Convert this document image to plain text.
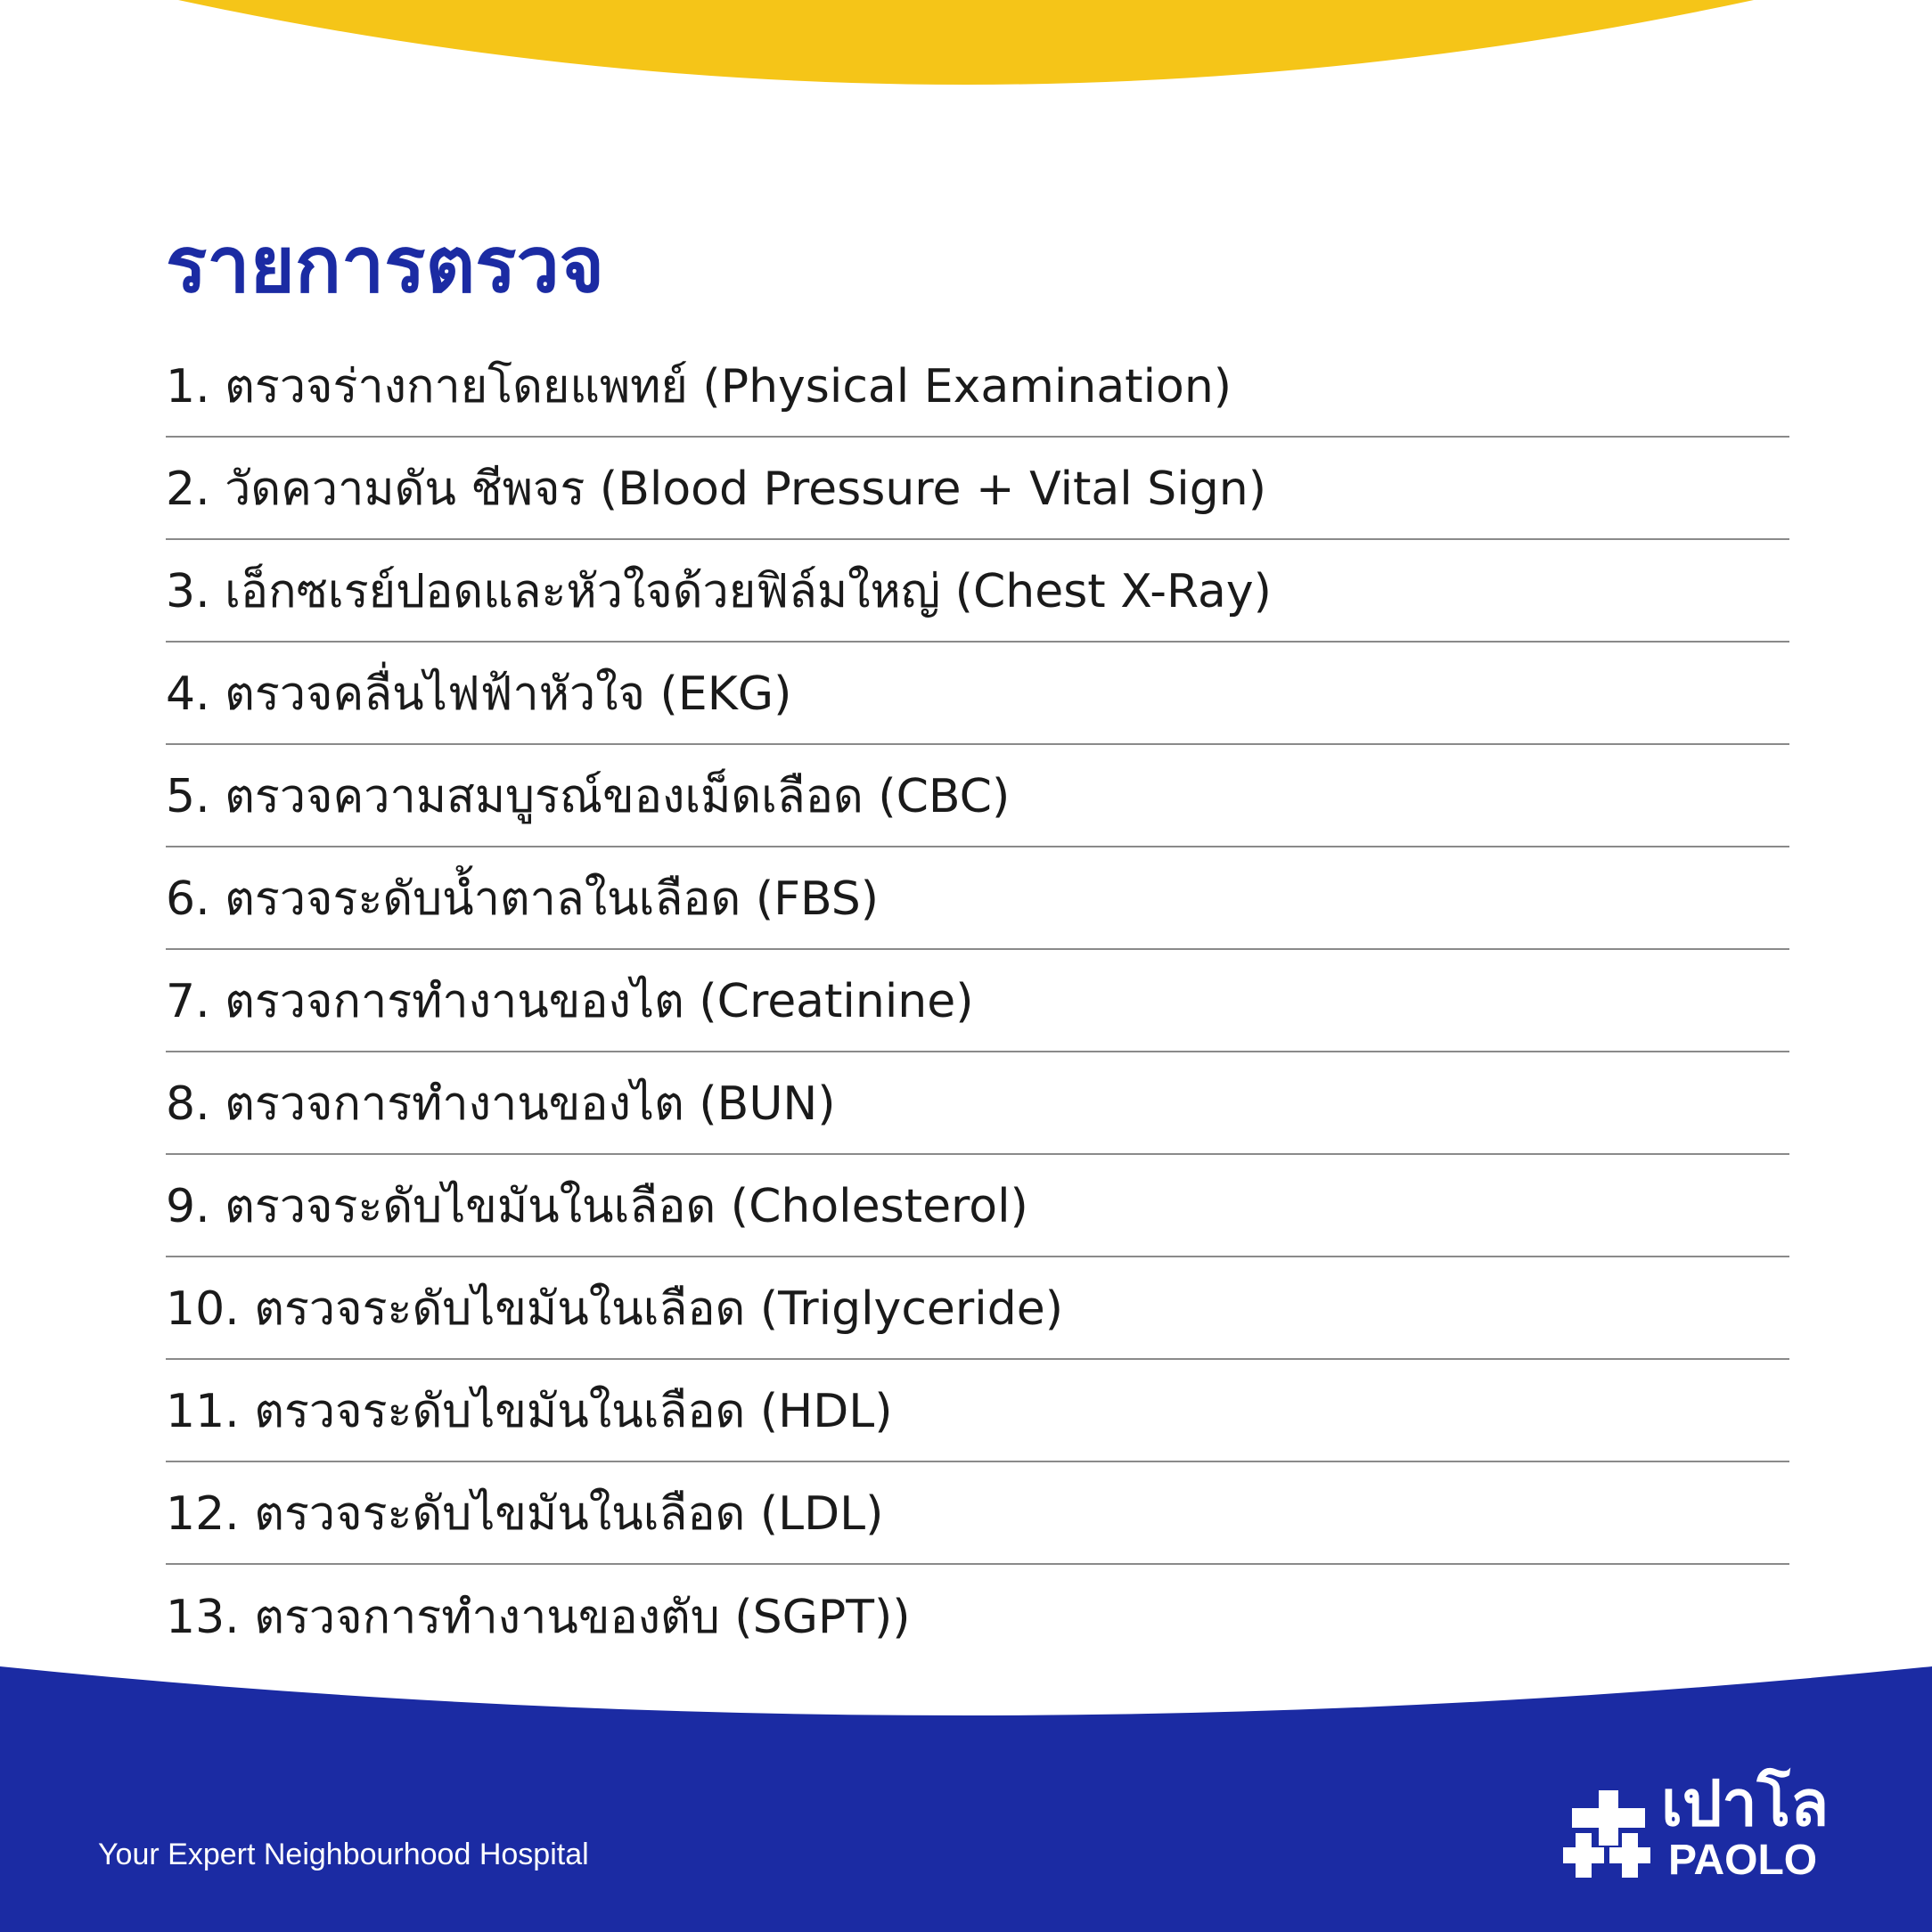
รายการตรวจ
1. ตรวจร่างกายโดยแพทย์ (Physical Examination)
2. วัดความดัน ชีพจร (Blood Pressure + Vital Sign)
3. เอ็กซเรย์ปอดและหัวใจด้วยฟิล์มใหญ่ (Chest X-Ray)
4. ตรวจคลื่นไฟฟ้าหัวใจ (EKG)
5. ตรวจความสมบูรณ์ของเม็ดเลือด (CBC)
6. ตรวจระดับน้ำตาลในเลือด (FBS)
7. ตรวจการทำงานของไต (Creatinine)
8. ตรวจการทำงานของไต (BUN)
9. ตรวจระดับไขมันในเลือด (Cholesterol)
10. ตรวจระดับไขมันในเลือด (Triglyceride)
11. ตรวจระดับไขมันในเลือด (HDL)
12. ตรวจระดับไขมันในเลือด (LDL)
13. ตรวจการทำงานของตับ (SGPT))
Your Expert Neighbourhood Hospital
เปาโล
PAOLO
